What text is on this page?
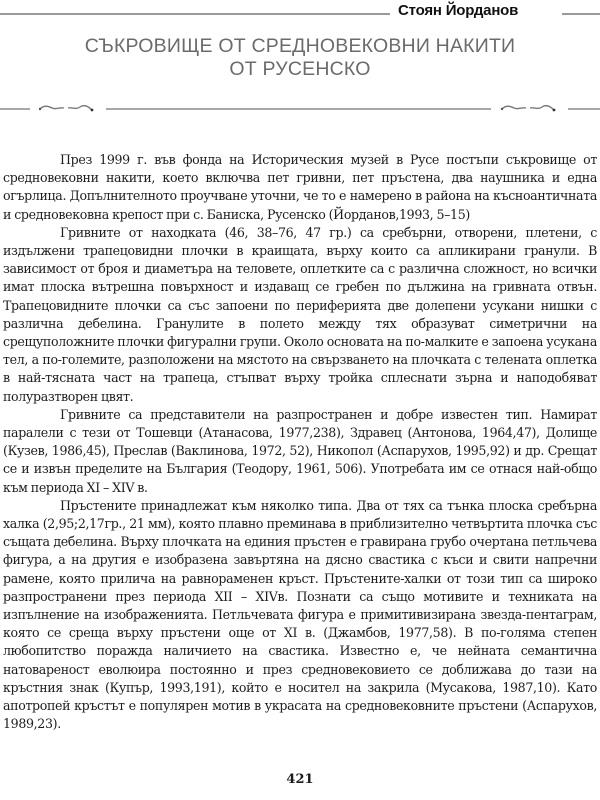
Стоян Йорданов
СЪКРОВИЩЕ ОТ СРЕДНОВЕКОВНИ НАКИТИ
ОТ РУСЕНСКО

През 1999 г. във фонда на Историческия музей в Русе постъпи съкровище от средновековни накити, което включва пет гривни, пет пръстена, два наушника и една огърлица. Допълнителното проучване уточни, че то е намерено в района на късноантичната и средновековна крепост при с. Баниска, Русенско (Йорданов,1993, 5–15)

Гривните от находката (46, 38–76, 47 гр.) са сребърни, отворени, плетени, с издължени трапецовидни плочки в краищата, върху които са апликирани гранули. В зависимост от броя и диаметъра на теловете, оплетките са с различна сложност, но всички имат плоска вътрешна повърхност и издаващ се гребен по дължина на гривната отвън. Трапецовидните плочки са със запоени по периферията две долепени усукани нишки с различна дебелина. Гранулите в полето между тях образуват симетрични на срещуположните плочки фигурални групи. Около основата на по-малките е запоена усукана тел, а по-големите, разположени на мястото на свързването на плочката с телената оплетка в най-тясната част на трапеца, стъпват върху тройка сплеснати зърна и наподобяват полуразтворен цвят.

Гривните са представители на разпространен и добре известен тип. Намират паралели с тези от Тошевци (Атанасова, 1977,238), Здравец (Антонова, 1964,47), Долище (Кузев, 1986,45), Преслав (Ваклинова, 1972, 52), Никопол (Аспарухов, 1995,92) и др. Срещат се и извън пределите на България (Теодору, 1961, 506). Употребата им се отнася най-общо към периода XI – XIV в.

Пръстените принадлежат към няколко типа. Два от тях са тънка плоска сребърна халка (2,95;2,17гр., 21 мм), която плавно преминава в приблизително четвъртита плочка със същата дебелина. Върху плочката на единия пръстен е гравирана грубо очертана петльчева фигура, а на другия е изобразена завъртяна на дясно свастика с къси и свити напречни рамене, която прилича на равнораменен кръст. Пръстените-халки от този тип са широко разпространени през периода XII – XIVв. Познати са също мотивите и техниката на изпълнение на изображенията. Петльчевата фигура е примитивизирана звезда-пентаграм, която се среща върху пръстени още от XI в. (Джамбов, 1977,58). В по-голяма степен любопитство поражда наличието на свастика. Известно е, че нейната семантична натовареност еволюира постоянно и през средновековието се доближава до тази на кръстния знак (Купър, 1993,191), който е носител на закрила (Мусакова, 1987,10). Като апотропей кръстът е популярен мотив в украсата на средновековните пръстени (Аспарухов, 1989,23).

421
